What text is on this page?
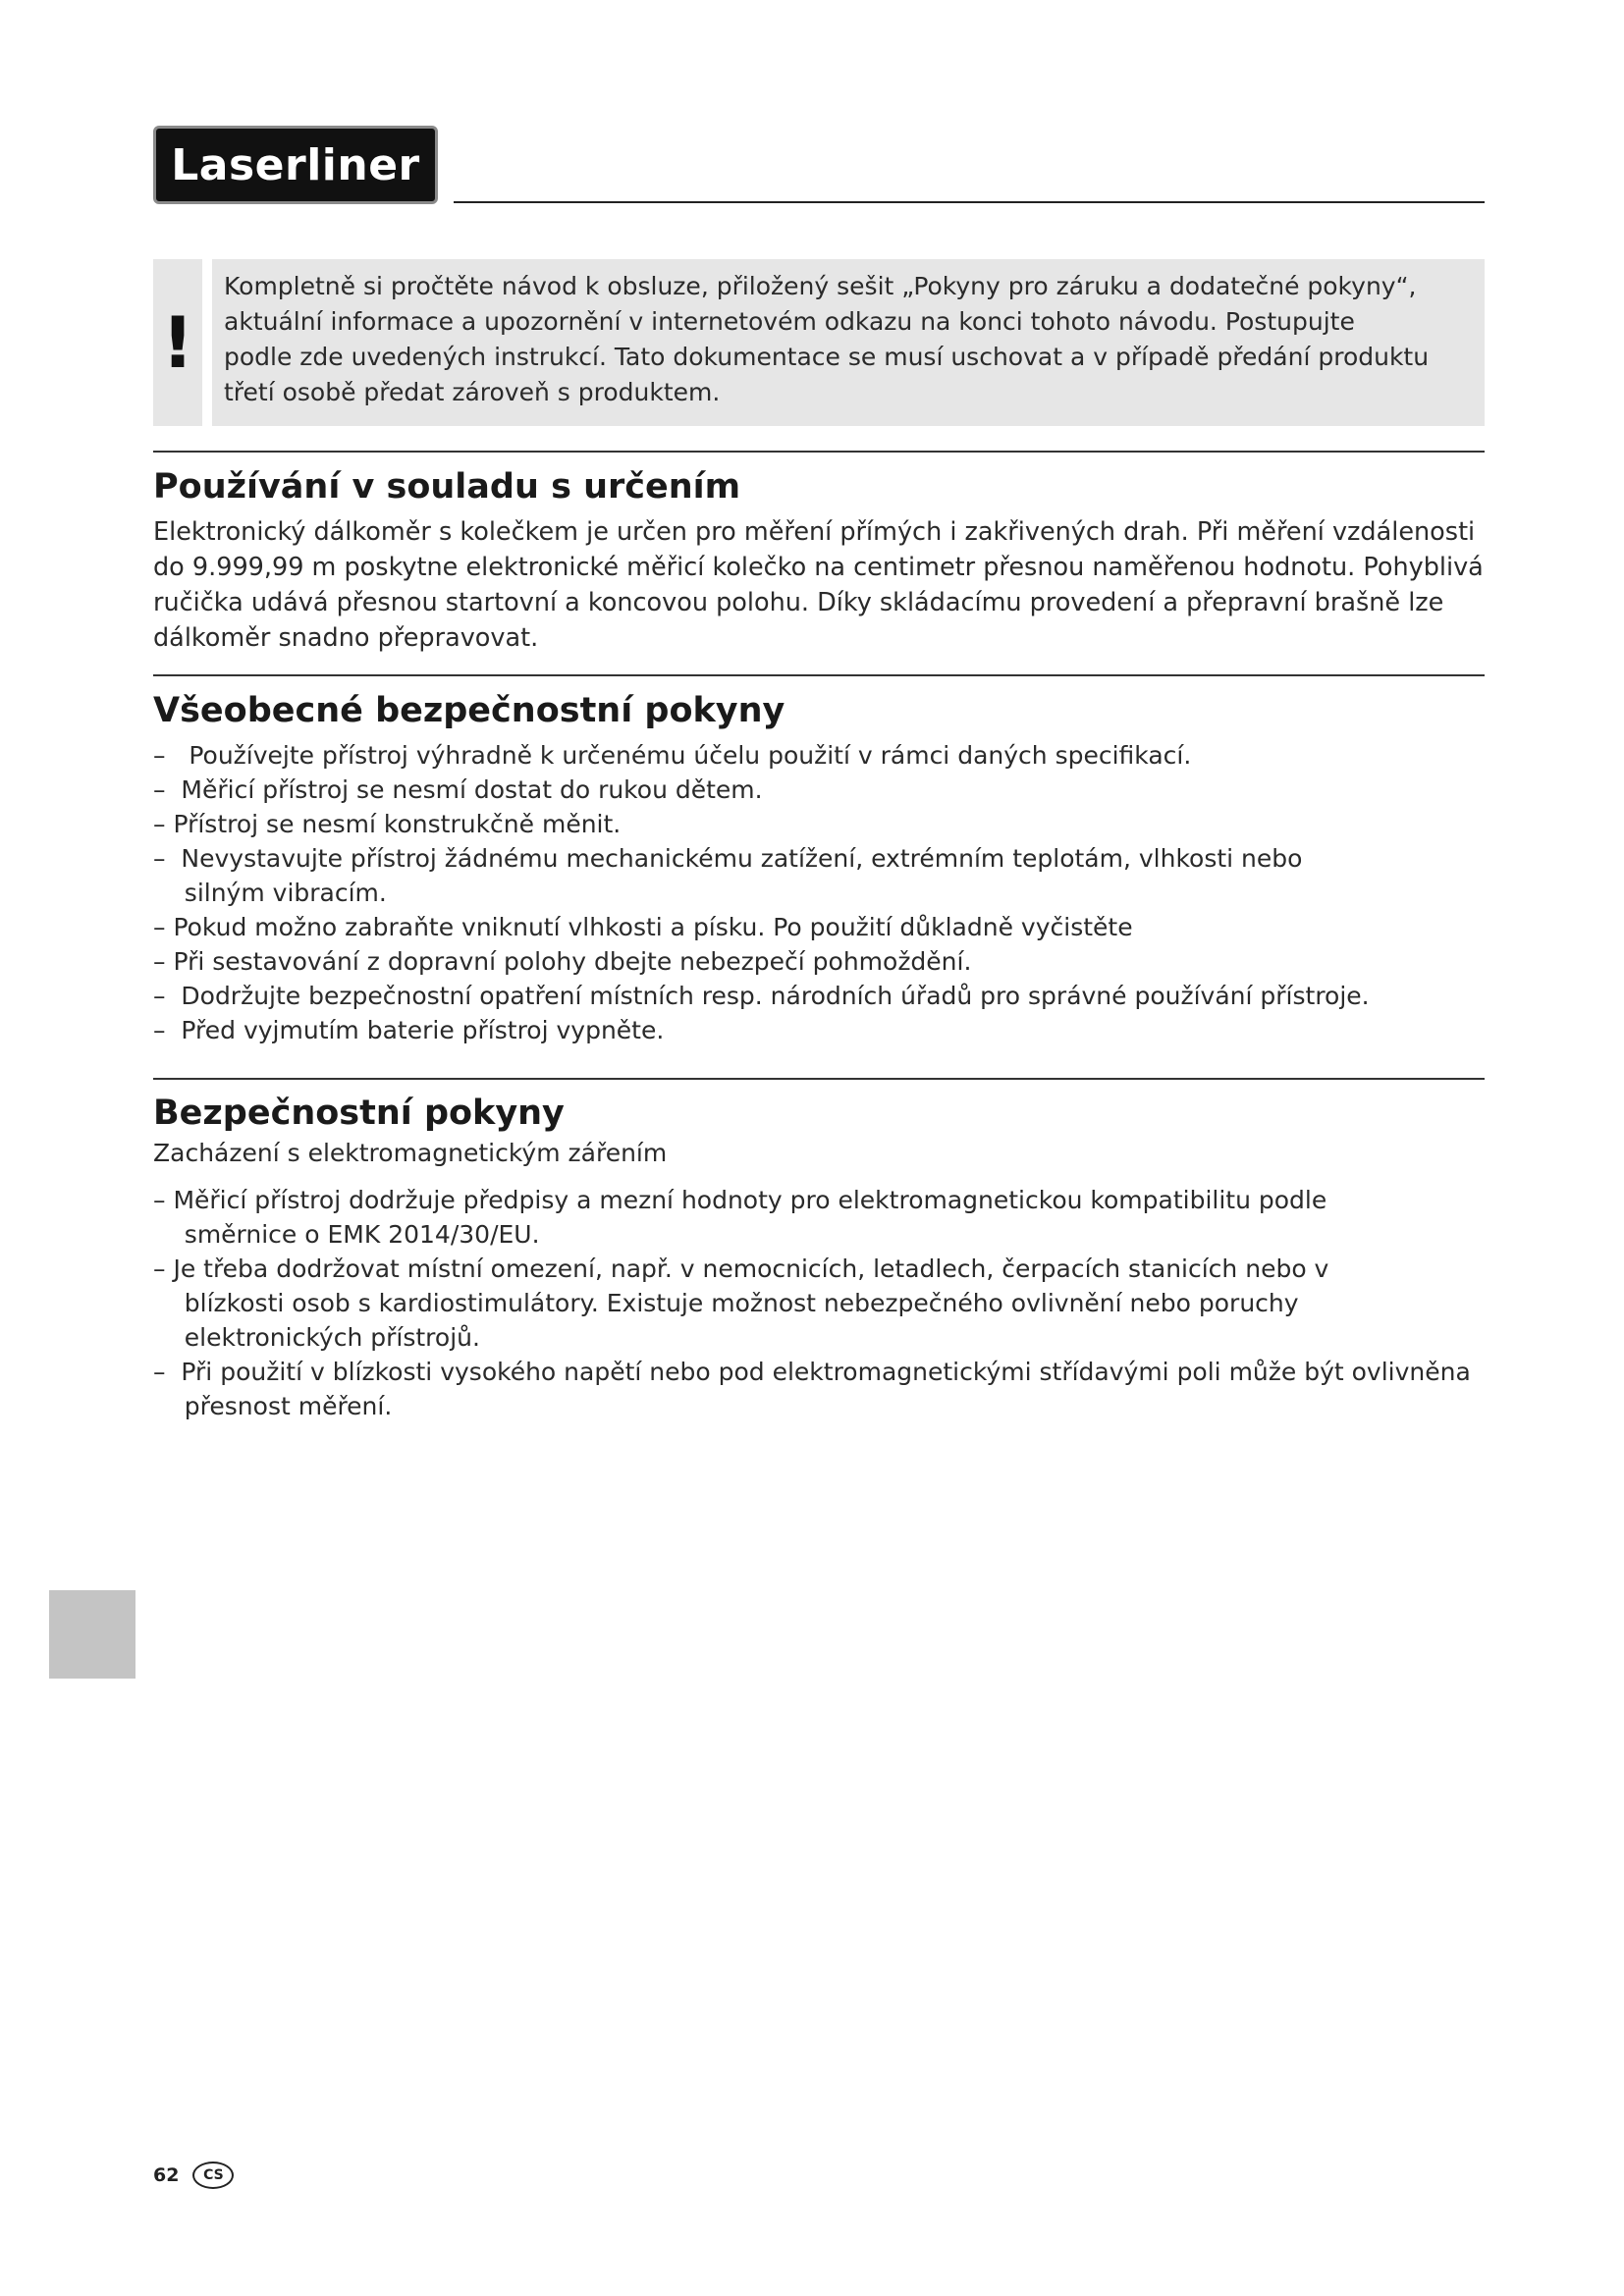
Laserliner
!
Kompletně si pročtěte návod k obsluze, přiložený sešit „Pokyny pro záruku a dodatečné pokyny“,
aktuální informace a upozornění v internetovém odkazu na konci tohoto návodu. Postupujte
podle zde uvedených instrukcí. Tato dokumentace se musí uschovat a v případě předání produktu
třetí osobě předat zároveň s produktem.
Používání v souladu s určením
Elektronický dálkoměr s kolečkem je určen pro měření přímých i zakřivených drah. Při měření vzdálenosti
do 9.999,99 m poskytne elektronické měřicí kolečko na centimetr přesnou naměřenou hodnotu. Pohyblivá
ručička udává přesnou startovní a koncovou polohu. Díky skládacímu provedení a přepravní brašně lze
dálkoměr snadno přepravovat.
Všeobecné bezpečnostní pokyny
–   Používejte přístroj výhradně k určenému účelu použití v rámci daných specifikací.
–  Měřicí přístroj se nesmí dostat do rukou dětem.
– Přístroj se nesmí konstrukčně měnit.
–  Nevystavujte přístroj žádnému mechanickému zatížení, extrémním teplotám, vlhkosti nebo
silným vibracím.
– Pokud možno zabraňte vniknutí vlhkosti a písku. Po použití důkladně vyčistěte
– Při sestavování z dopravní polohy dbejte nebezpečí pohmoždění.
–  Dodržujte bezpečnostní opatření místních resp. národních úřadů pro správné používání přístroje.
–  Před vyjmutím baterie přístroj vypněte.
Bezpečnostní pokyny
Zacházení s elektromagnetickým zářením
– Měřicí přístroj dodržuje předpisy a mezní hodnoty pro elektromagnetickou kompatibilitu podle
směrnice o EMK 2014/30/EU.
– Je třeba dodržovat místní omezení, např. v nemocnicích, letadlech, čerpacích stanicích nebo v
blízkosti osob s kardiostimulátory. Existuje možnost nebezpečného ovlivnění nebo poruchy
elektronických přístrojů.
–  Při použití v blízkosti vysokého napětí nebo pod elektromagnetickými střídavými poli může být ovlivněna
přesnost měření.
62	CS
